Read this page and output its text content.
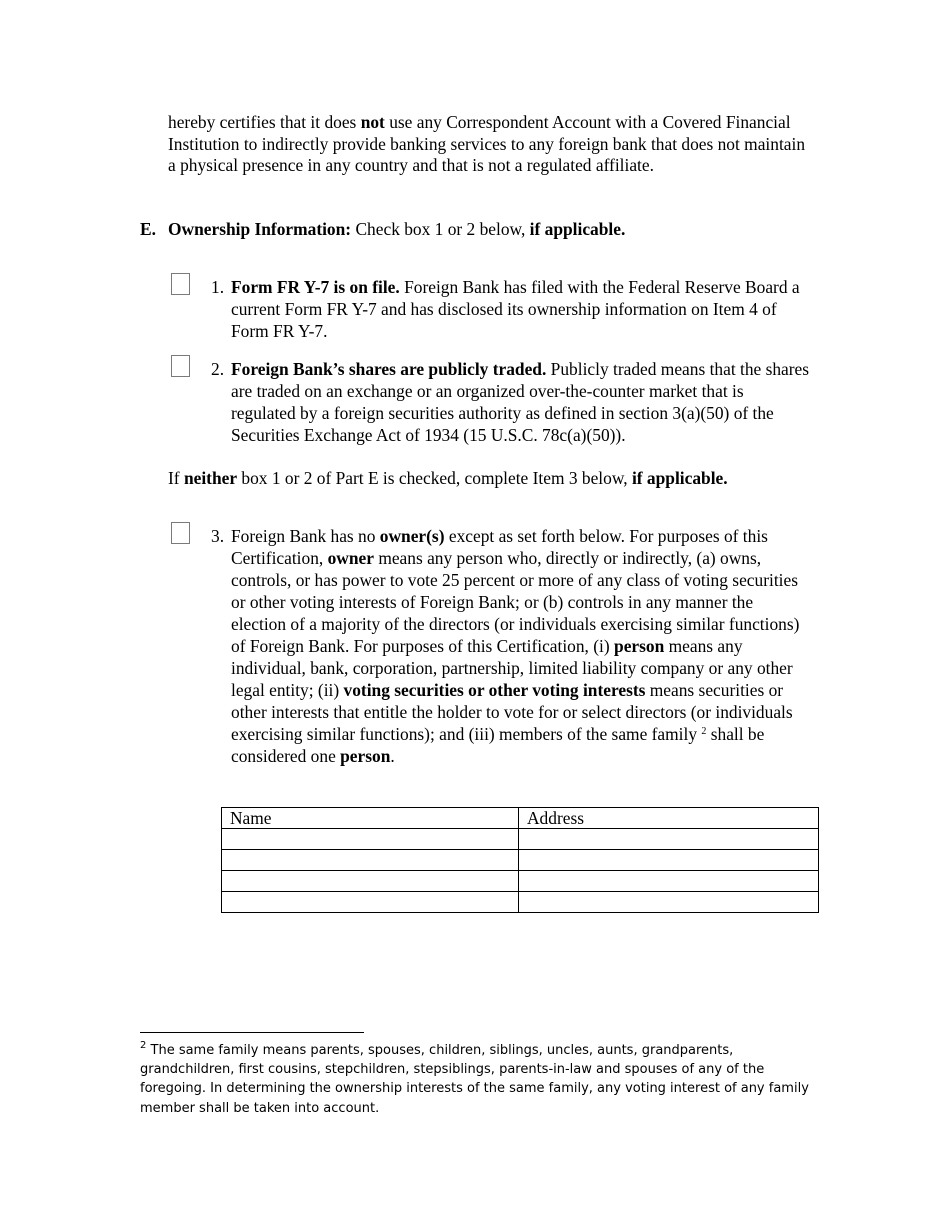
hereby certifies that it does not use any Correspondent Account with a Covered Financial Institution to indirectly provide banking services to any foreign bank that does not maintain a physical presence in any country and that is not a regulated affiliate.
E. Ownership Information: Check box 1 or 2 below, if applicable.
1. Form FR Y-7 is on file. Foreign Bank has filed with the Federal Reserve Board a current Form FR Y-7 and has disclosed its ownership information on Item 4 of Form FR Y-7.
2. Foreign Bank’s shares are publicly traded. Publicly traded means that the shares are traded on an exchange or an organized over-the-counter market that is regulated by a foreign securities authority as defined in section 3(a)(50) of the Securities Exchange Act of 1934 (15 U.S.C. 78c(a)(50)).
If neither box 1 or 2 of Part E is checked, complete Item 3 below, if applicable.
3. Foreign Bank has no owner(s) except as set forth below. For purposes of this Certification, owner means any person who, directly or indirectly, (a) owns, controls, or has power to vote 25 percent or more of any class of voting securities or other voting interests of Foreign Bank; or (b) controls in any manner the election of a majority of the directors (or individuals exercising similar functions) of Foreign Bank. For purposes of this Certification, (i) person means any individual, bank, corporation, partnership, limited liability company or any other legal entity; (ii) voting securities or other voting interests means securities or other interests that entitle the holder to vote for or select directors (or individuals exercising similar functions); and (iii) members of the same family $^2$ shall be considered one person.
Name	Address

$^2$ The same family means parents, spouses, children, siblings, uncles, aunts, grandparents, grandchildren, first cousins, stepchildren, stepsiblings, parents-in-law and spouses of any of the foregoing. In determining the ownership interests of the same family, any voting interest of any family member shall be taken into account.
